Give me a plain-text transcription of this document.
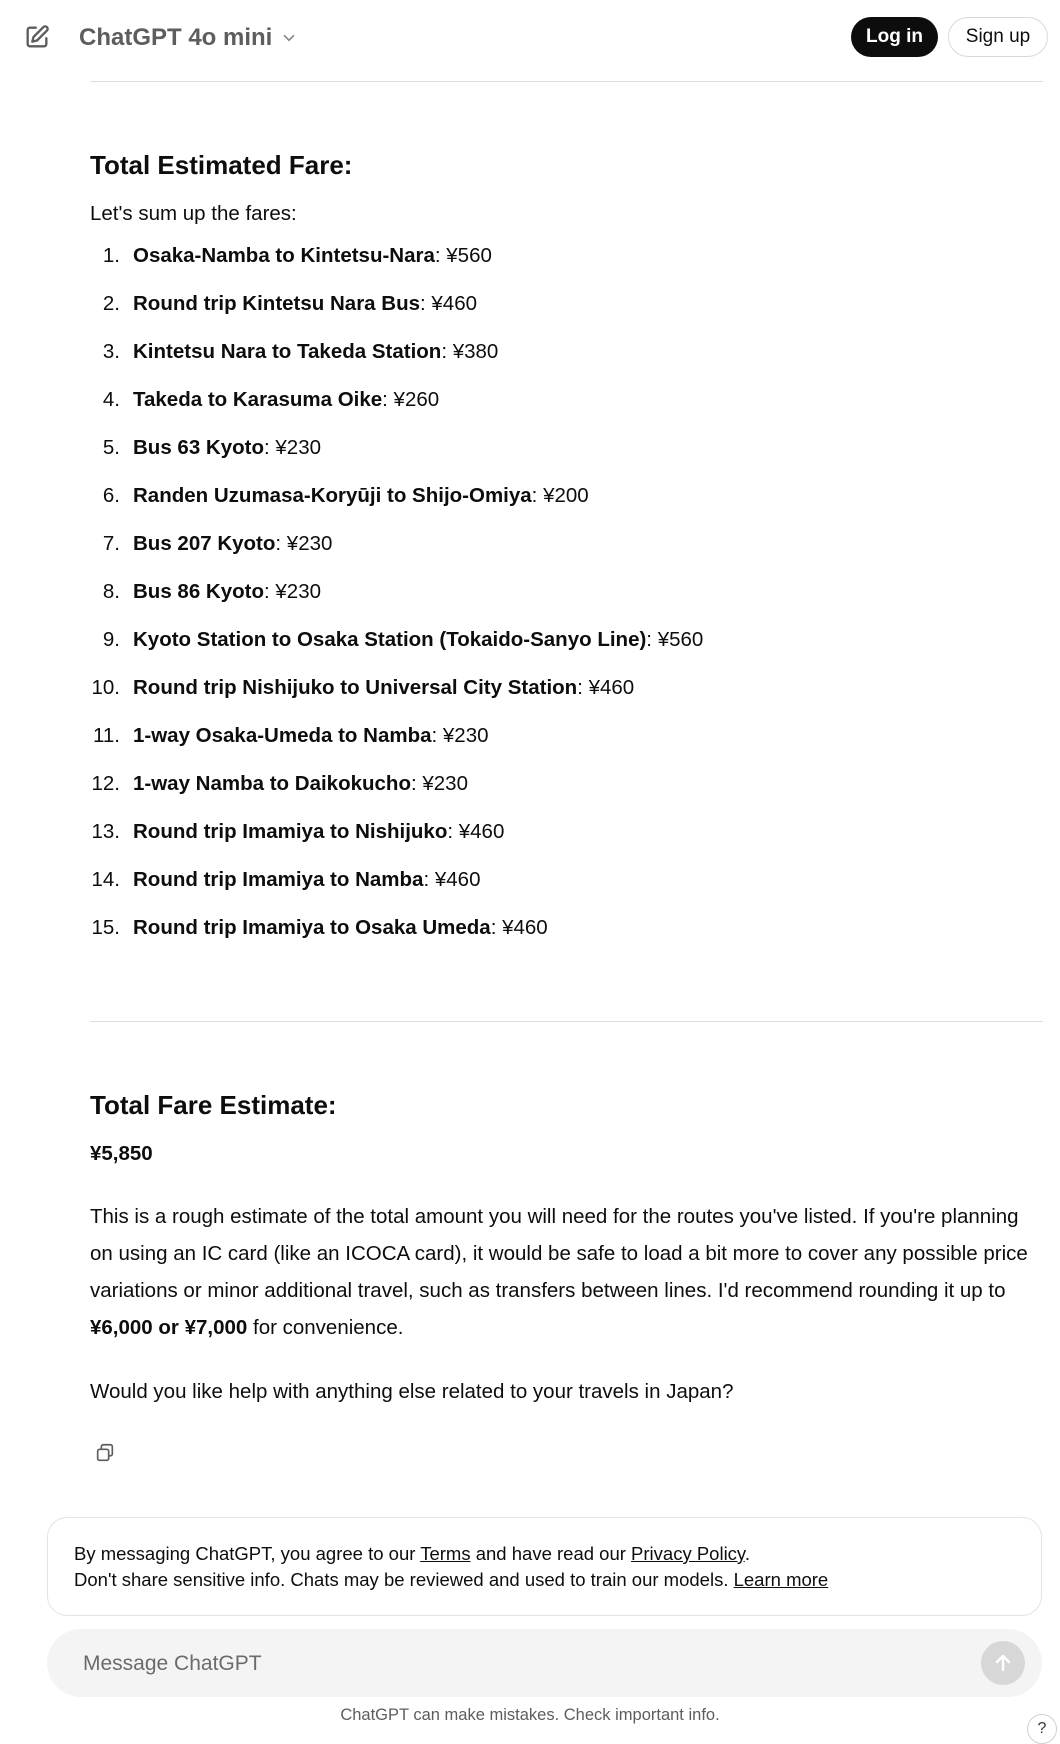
ChatGPT 4o mini	Log in	Sign up
Total Estimated Fare:

Let's sum up the fares:

1. Osaka-Namba to Kintetsu-Nara: ¥560
2. Round trip Kintetsu Nara Bus: ¥460
3. Kintetsu Nara to Takeda Station: ¥380
4. Takeda to Karasuma Oike: ¥260
5. Bus 63 Kyoto: ¥230
6. Randen Uzumasa-Koryūji to Shijo-Omiya: ¥200
7. Bus 207 Kyoto: ¥230
8. Bus 86 Kyoto: ¥230
9. Kyoto Station to Osaka Station (Tokaido-Sanyo Line): ¥560
10. Round trip Nishijuko to Universal City Station: ¥460
11. 1-way Osaka-Umeda to Namba: ¥230
12. 1-way Namba to Daikokucho: ¥230
13. Round trip Imamiya to Nishijuko: ¥460
14. Round trip Imamiya to Namba: ¥460
15. Round trip Imamiya to Osaka Umeda: ¥460
Total Fare Estimate:

¥5,850

This is a rough estimate of the total amount you will need for the routes you've listed. If you're planning on using an IC card (like an ICOCA card), it would be safe to load a bit more to cover any possible price variations or minor additional travel, such as transfers between lines. I'd recommend rounding it up to ¥6,000 or ¥7,000 for convenience.

Would you like help with anything else related to your travels in Japan?

By messaging ChatGPT, you agree to our Terms and have read our Privacy Policy.
Don't share sensitive info. Chats may be reviewed and used to train our models. Learn more
Message ChatGPT
ChatGPT can make mistakes. Check important info.
?
